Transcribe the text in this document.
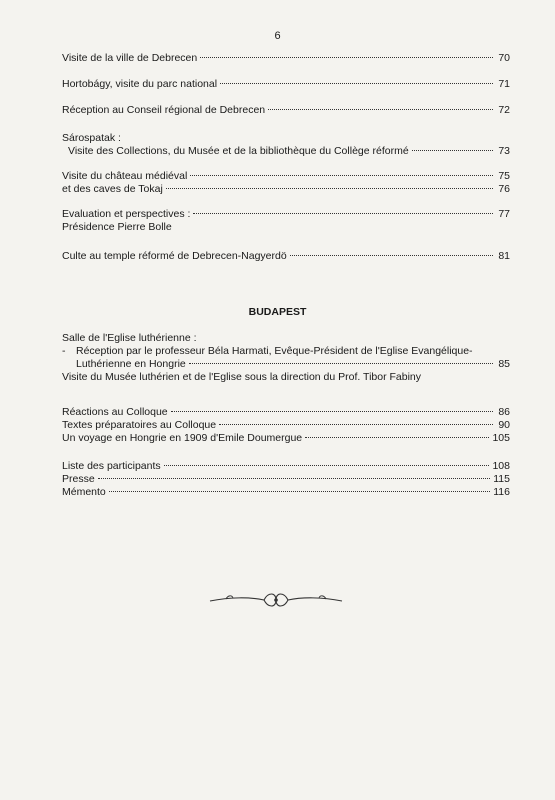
6
Visite de la ville de Debrecen	70
Hortobágy, visite du parc national	71
Réception au Conseil régional de Debrecen	72
Sárospatak :
Visite des Collections, du Musée et de la bibliothèque du Collège réformé	73
Visite du château médiéval	75
et des caves de Tokaj	76
Evaluation et perspectives :	77
Présidence Pierre Bolle
Culte au temple réformé de Debrecen-Nagyerdö	81
BUDAPEST
Salle de l'Eglise luthérienne :
- Réception par le professeur Béla Harmati, Evêque-Président de l'Eglise Evangélique-
Luthérienne en Hongrie	85
Visite du Musée luthérien et de l'Eglise sous la direction du Prof. Tibor Fabiny
Réactions au Colloque	86
Textes préparatoires au Colloque	90
Un voyage en Hongrie en 1909 d'Emile Doumergue	105
Liste des participants	108
Presse	115
Mémento	116
